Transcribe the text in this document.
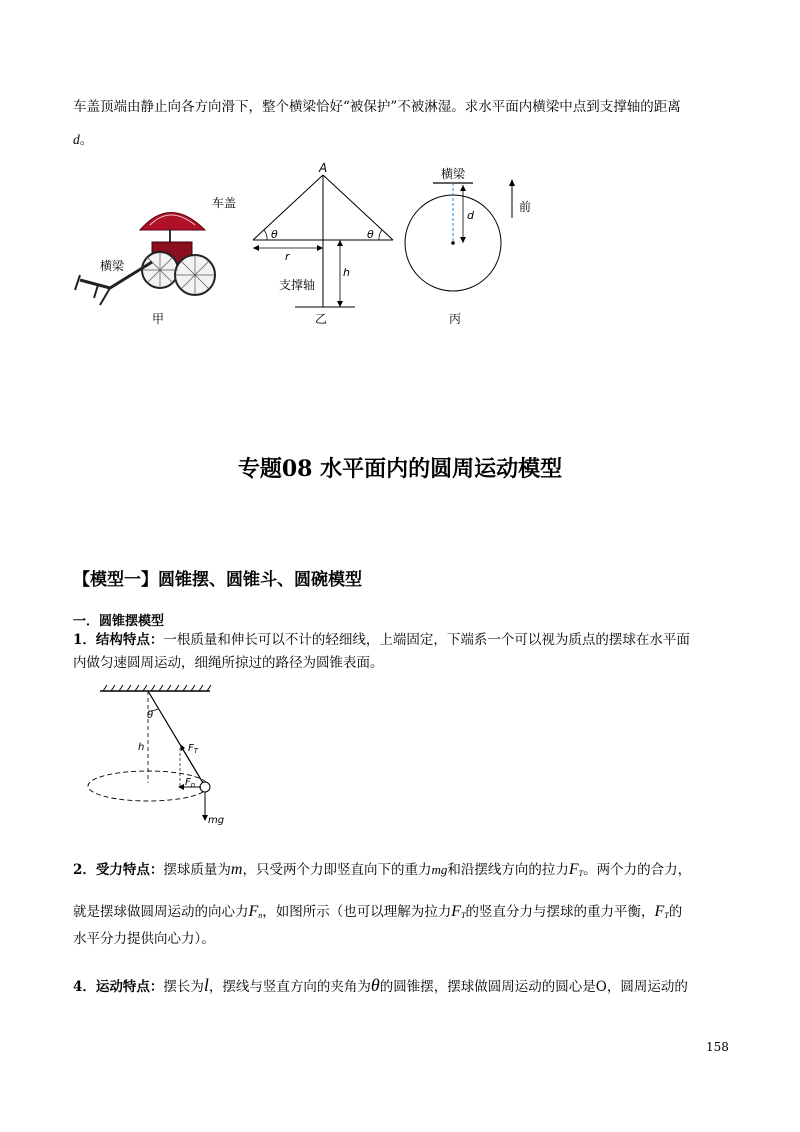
车盖顶端由静止向各方向滑下，整个横梁恰好“被保护”不被淋湿。求水平面内横梁中点到支撑轴的距离
d。
车盖
横梁
甲
A
θ	θ
r
h
支撑轴
乙
横梁
d
前
丙
专题08 水平面内的圆周运动模型
【模型一】圆锥摆、圆锥斗、圆碗模型
一．圆锥摆模型
1．结构特点：一根质量和伸长可以不计的轻细线，上端固定，下端系一个可以视为质点的摆球在水平面
内做匀速圆周运动，细绳所掠过的路径为圆锥表面。
θ
h	$F_T$
$F_n$
mg
2．受力特点：摆球质量为m，只受两个力即竖直向下的重力mg和沿摆线方向的拉力$F_T$。两个力的合力，
就是摆球做圆周运动的向心力$F_n$，如图所示（也可以理解为拉力$F_T$的竖直分力与摆球的重力平衡，$F_T$的
水平分力提供向心力）。
4．运动特点：摆长为l，摆线与竖直方向的夹角为θ的圆锥摆，摆球做圆周运动的圆心是O，圆周运动的
158
